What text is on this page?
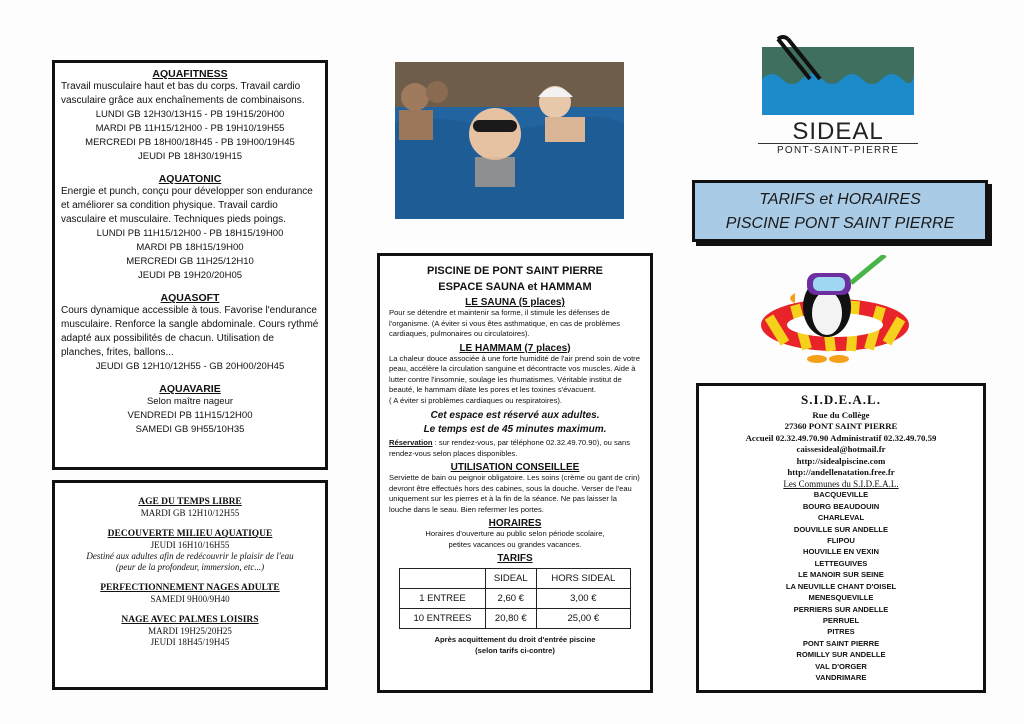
AQUAFITNESS

Travail musculaire haut et bas du corps. Travail cardio vasculaire grâce aux enchaînements de combinaisons.

LUNDI GB 12H30/13H15 - PB 19H15/20H00

MARDI PB 11H15/12H00 - PB 19H10/19H55

MERCREDI PB 18H00/18H45 - PB 19H00/19H45

JEUDI PB 18H30/19H15

AQUATONIC

Energie et punch, conçu pour développer son endurance et améliorer sa condition physique. Travail cardio vasculaire et musculaire. Techniques pieds poings.

LUNDI PB 11H15/12H00 - PB 18H15/19H00

MARDI PB 18H15/19H00

MERCREDI GB 11H25/12H10

JEUDI PB 19H20/20H05

AQUASOFT

Cours dynamique accessible à tous. Favorise l'endurance musculaire. Renforce la sangle abdominale. Cours rythmé adapté aux possibilités de chacun. Utilisation de planches, frites, ballons...

JEUDI GB 12H10/12H55 - GB 20H00/20H45

AQUAVARIE

Selon maître nageur

VENDREDI PB 11H15/12H00

SAMEDI GB 9H55/10H35

AGE DU TEMPS LIBRE

MARDI GB 12H10/12H55

DECOUVERTE MILIEU AQUATIQUE

JEUDI 16H10/16H55
Destiné aux adultes afin de redécouvrir le plaisir de l'eau
(peur de la profondeur, immersion, etc...)

PERFECTIONNEMENT NAGES ADULTE

SAMEDI 9H00/9H40

NAGE AVEC PALMES LOISIRS

MARDI 19H25/20H25
JEUDI 18H45/19H45

PISCINE DE PONT SAINT PIERRE

ESPACE SAUNA et HAMMAM

LE SAUNA (5 places)

Pour se détendre et maintenir sa forme, il stimule les défenses de l'organisme. (A éviter si vous êtes asthmatique, en cas de problèmes cardiaques, pulmonaires ou circulatoires).

LE HAMMAM (7 places)

La chaleur douce associée à une forte humidité de l'air prend soin de votre peau, accélère la circulation sanguine et décontracte vos muscles. Aide à lutter contre l'insomnie, soulage les rhumatismes. Véritable institut de beauté, le hammam dilate les pores et les toxines s'évacuent.

( A éviter si problèmes cardiaques ou respiratoires).

Cet espace est réservé aux adultes.

Le temps est de 45 minutes maximum.

Réservation : sur rendez-vous, par téléphone 02.32.49.70.90), ou sans rendez-vous selon places disponibles.

UTILISATION CONSEILLEE

Serviette de bain ou peignoir obligatoire. Les soins (crème ou gant de crin) devront être effectués hors des cabines, sous la douche. Verser de l'eau uniquement sur les pierres et à la fin de la séance. Ne pas laisser la louche dans le seau. Bien refermer les portes.

HORAIRES

Horaires d'ouverture au public selon période scolaire,

petites vacances ou grandes vacances.

TARIFS

	SIDEAL	HORS SIDEAL
1 ENTREE	2,60 €	3,00 €
10 ENTREES	20,80 €	25,00 €

Après acquittement du droit d'entrée piscine

(selon tarifs ci-contre)

SIDEAL
PONT-SAINT-PIERRE
TARIFS et HORAIRES
PISCINE PONT SAINT PIERRE

S.I.D.E.A.L.

Rue du Collège

27360 PONT SAINT PIERRE

Accueil 02.32.49.70.90 Administratif 02.32.49.70.59

caissesideal@hotmail.fr

http://sidealpiscine.com

http://andellenatation.free.fr

Les Communes du S.I.D.E.A.L.

BACQUEVILLE

BOURG BEAUDOUIN

CHARLEVAL

DOUVILLE SUR ANDELLE

FLIPOU

HOUVILLE EN VEXIN

LETTEGUIVES

LE MANOIR SUR SEINE

LA NEUVILLE CHANT D'OISEL

MENESQUEVILLE

PERRIERS SUR ANDELLE

PERRUEL

PITRES

PONT SAINT PIERRE

ROMILLY SUR ANDELLE

VAL D'ORGER

VANDRIMARE
